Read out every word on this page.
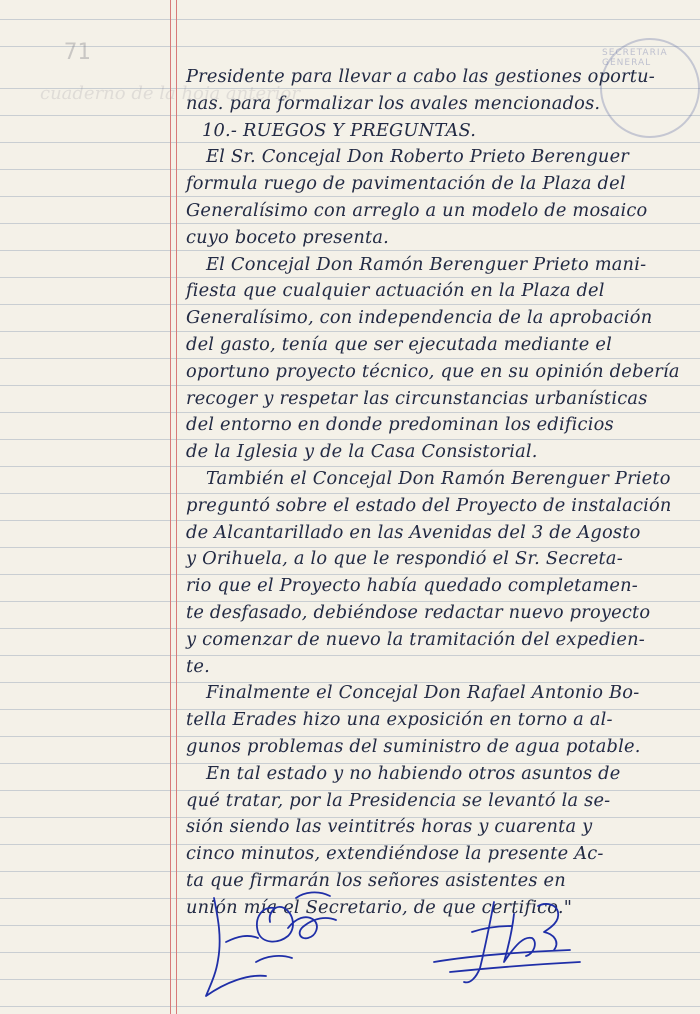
71	SECRETARIA GENERAL
cuaderno de la hoja anterior
Presidente para llevar a cabo las gestiones oportu-
nas. para formalizar los avales mencionados.
10.- RUEGOS Y PREGUNTAS.
El Sr. Concejal Don Roberto Prieto Berenguer
formula ruego de pavimentación de la Plaza del
Generalísimo con arreglo a un modelo de mosaico
cuyo boceto presenta.
El Concejal Don Ramón Berenguer Prieto mani-
fiesta que cualquier actuación en la Plaza del
Generalísimo, con independencia de la aprobación
del gasto, tenía que ser ejecutada mediante el
oportuno proyecto técnico, que en su opinión debería
recoger y respetar las circunstancias urbanísticas
del entorno en donde predominan los edificios
de la Iglesia y de la Casa Consistorial.
También el Concejal Don Ramón Berenguer Prieto
preguntó sobre el estado del Proyecto de instalación
de Alcantarillado en las Avenidas del 3 de Agosto
y Orihuela, a lo que le respondió el Sr. Secreta-
rio que el Proyecto había quedado completamen-
te desfasado, debiéndose redactar nuevo proyecto
y comenzar de nuevo la tramitación del expedien-
te.
Finalmente el Concejal Don Rafael Antonio Bo-
tella Erades hizo una exposición en torno a al-
gunos problemas del suministro de agua potable.
En tal estado y no habiendo otros asuntos de
qué tratar, por la Presidencia se levantó la se-
sión siendo las veintitrés horas y cuarenta y
cinco minutos, extendiéndose la presente Ac-
ta que firmarán los señores asistentes en
unión mía el Secretario, de que certifico."
